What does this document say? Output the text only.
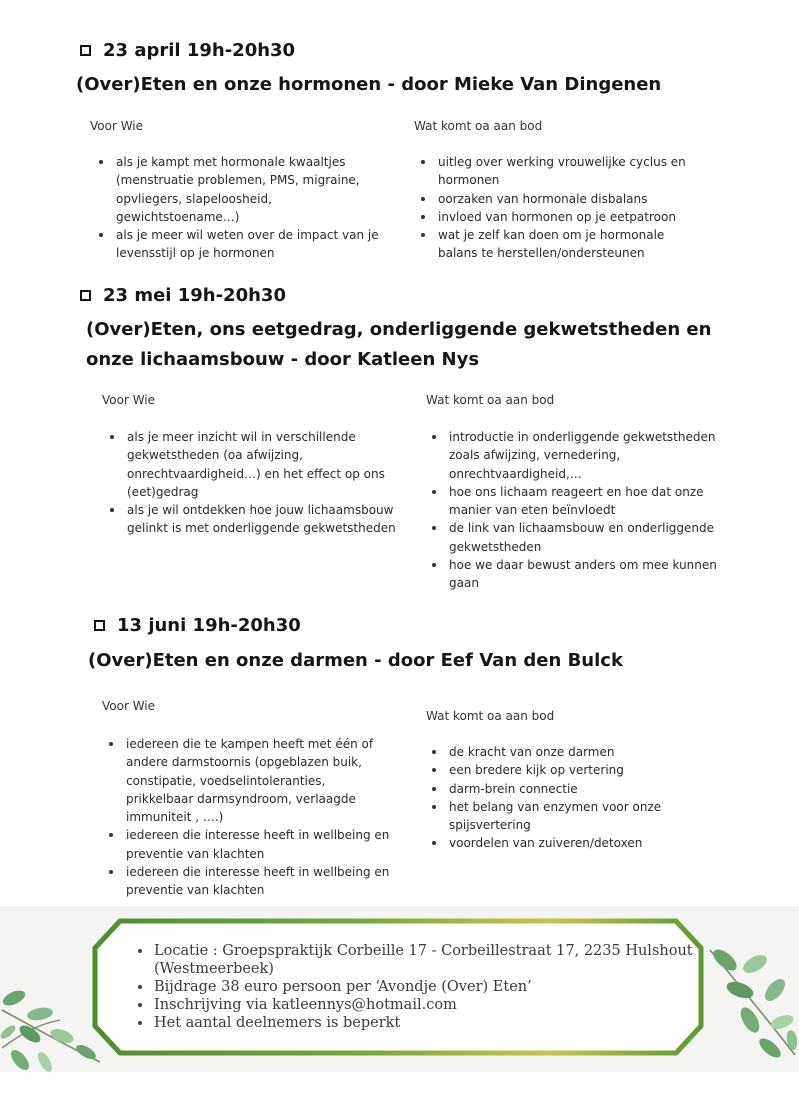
23 april 19h-20h30
(Over)Eten en onze hormonen - door Mieke Van Dingenen
Voor Wie	Wat komt oa aan bod
als je kampt met hormonale kwaaltjes (menstruatie problemen, PMS, migraine, opvliegers, slapeloosheid, gewichtstoename…)
als je meer wil weten over de impact van je levensstijl op je hormonen
uitleg over werking vrouwelijke cyclus en hormonen
oorzaken van hormonale disbalans
invloed van hormonen op je eetpatroon
wat je zelf kan doen om je hormonale balans te herstellen/ondersteunen
23 mei 19h-20h30
(Over)Eten, ons eetgedrag, onderliggende gekwetstheden en onze lichaamsbouw - door Katleen Nys
Voor Wie	Wat komt oa aan bod
als je meer inzicht wil in verschillende gekwetstheden (oa afwijzing, onrechtvaardigheid…) en het effect op ons (eet)gedrag
als je wil ontdekken hoe jouw lichaamsbouw gelinkt is met onderliggende gekwetstheden
introductie in onderliggende gekwetstheden zoals afwijzing, vernedering, onrechtvaardigheid,…
hoe ons lichaam reageert en hoe dat onze manier van eten beïnvloedt
de link van lichaamsbouw en onderliggende gekwetstheden
hoe we daar bewust anders om mee kunnen gaan
13 juni 19h-20h30
(Over)Eten en onze darmen - door Eef Van den Bulck
Voor Wie
Wat komt oa aan bod
iedereen die te kampen heeft met één of andere darmstoornis (opgeblazen buik, constipatie, voedselintoleranties, prikkelbaar darmsyndroom, verlaagde immuniteit , ….)
iedereen die interesse heeft in wellbeing en preventie van klachten
iedereen die interesse heeft in wellbeing en preventie van klachten
de kracht van onze darmen
een bredere kijk op vertering
darm-brein connectie
het belang van enzymen voor onze spijsvertering
voordelen van zuiveren/detoxen
Locatie : Groepspraktijk Corbeille 17 - Corbeillestraat 17, 2235 Hulshout (Westmeerbeek)
Bijdrage 38 euro persoon per ‘Avondje (Over) Eten’
Inschrijving via katleennys@hotmail.com
Het aantal deelnemers is beperkt
